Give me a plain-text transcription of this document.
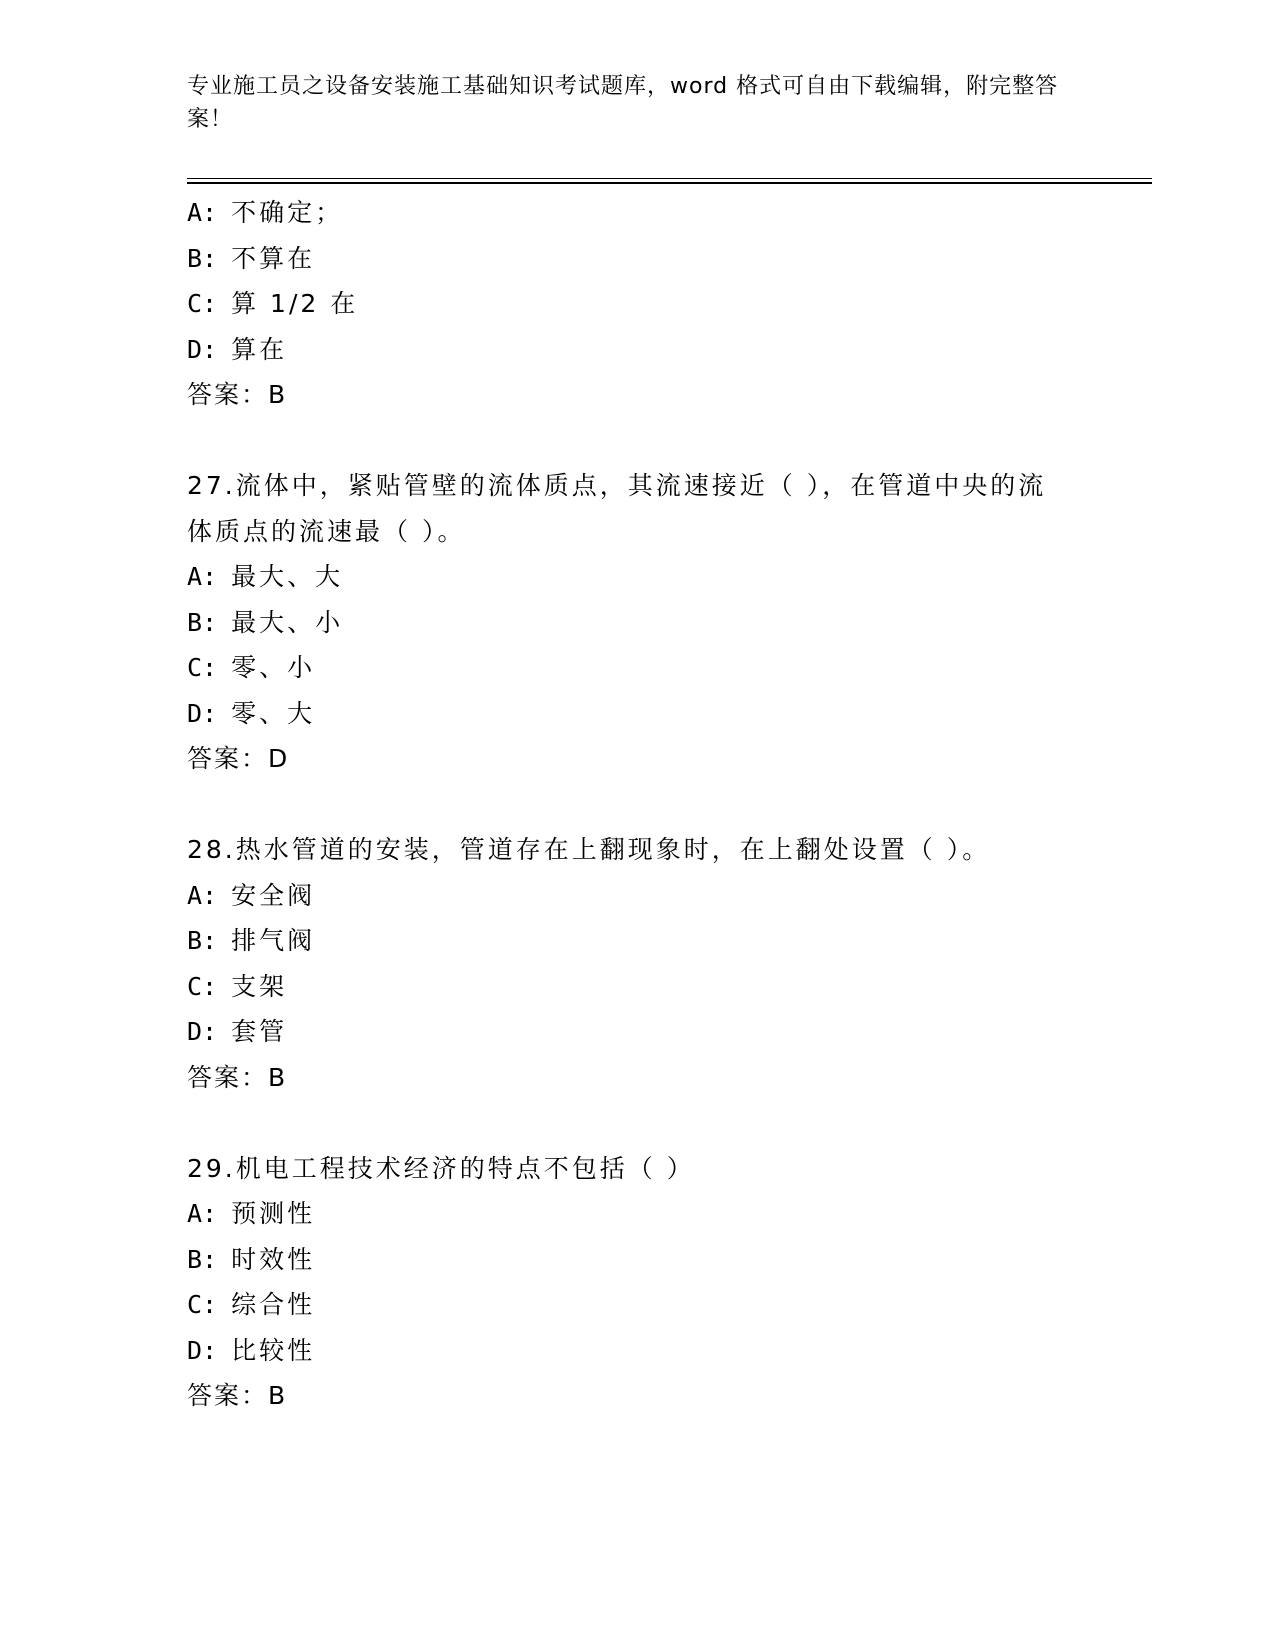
专业施工员之设备安装施工基础知识考试题库，word 格式可自由下载编辑，附完整答案！
A: 不确定；
B: 不算在
C: 算 1/2 在
D: 算在
答案：B
27.流体中，紧贴管壁的流体质点，其流速接近（ ），在管道中央的流体质点的流速最（ ）。
A: 最大、大
B: 最大、小
C: 零、小
D: 零、大
答案：D
28.热水管道的安装，管道存在上翻现象时，在上翻处设置（ ）。
A: 安全阀
B: 排气阀
C: 支架
D: 套管
答案：B
29.机电工程技术经济的特点不包括（ ）
A: 预测性
B: 时效性
C: 综合性
D: 比较性
答案：B
